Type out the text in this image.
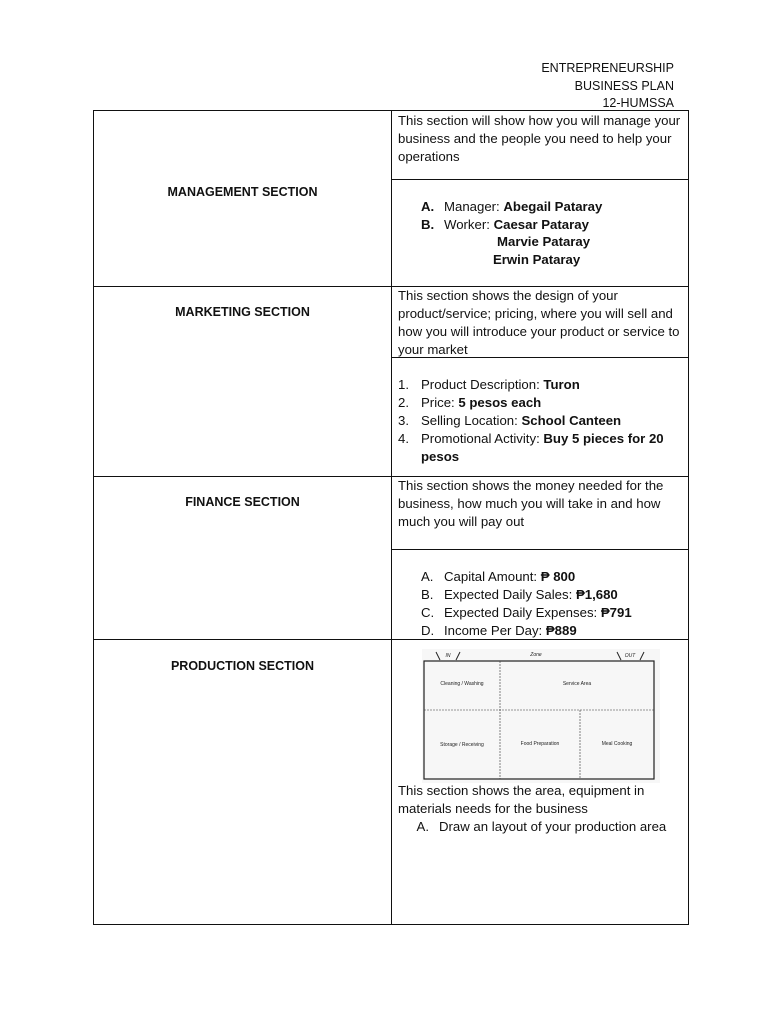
ENTREPRENEURSHIP
BUSINESS PLAN
12-HUMSSA
MANAGEMENT SECTION
This section will show how you will manage your business and the people you need to help your operations
A. Manager: Abegail Pataray
B. Worker: Caesar Pataray
Marvie Pataray
Erwin Pataray
MARKETING SECTION
This section shows the design of your product/service; pricing, where you will sell and how you will introduce your product or service to your market
1. Product Description: Turon
2. Price: 5 pesos each
3. Selling Location: School Canteen
4. Promotional Activity: Buy 5 pieces for 20 pesos
FINANCE SECTION
This section shows the money needed for the business, how much you will take in and how much you will pay out
A. Capital Amount: ₱ 800
B. Expected Daily Sales: ₱1,680
C. Expected Daily Expenses: ₱791
D. Income Per Day: ₱889
PRODUCTION SECTION
IN	Zone	OUT
Cleaning / Washing	Service Area
Storage / Receiving	Food Preparation	Meal Cooking
This section shows the area, equipment in materials needs for the business
A. Draw an layout of your production area
